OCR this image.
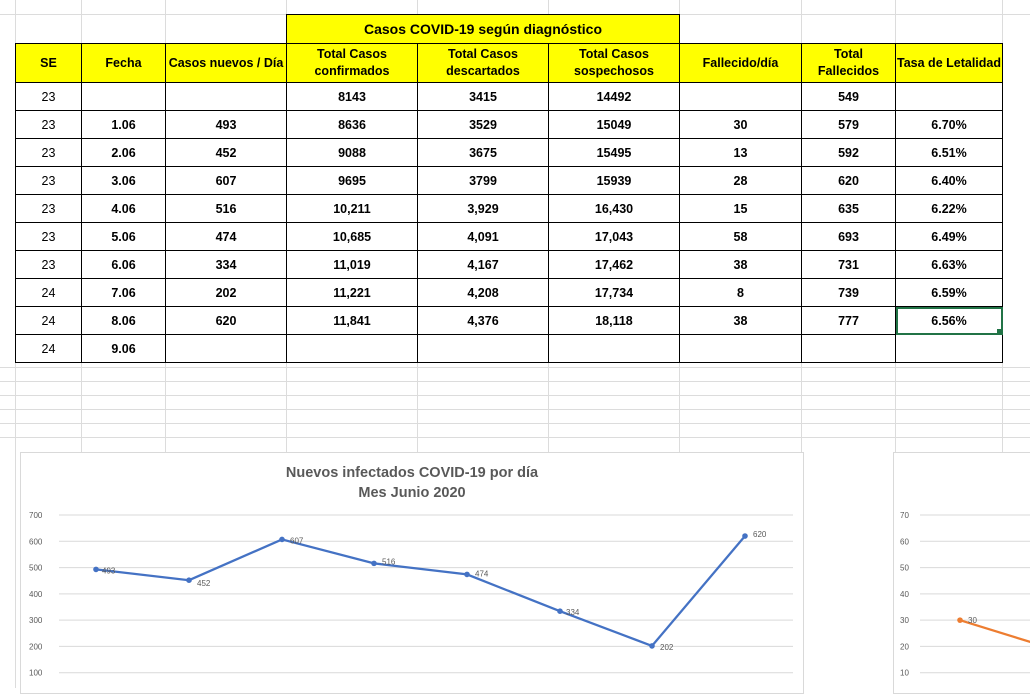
			Casos COVID-19 según diagnóstico					
SE	Fecha	Casos nuevos / Día	Total Casos confirmados	Total Casos descartados	Total Casos sospechosos	Fallecido/día	Total Fallecidos	Tasa de Letalidad
23			8143	3415	14492		549	
23	1.06	493	8636	3529	15049	30	579	6.70%
23	2.06	452	9088	3675	15495	13	592	6.51%
23	3.06	607	9695	3799	15939	28	620	6.40%
23	4.06	516	10,211	3,929	16,430	15	635	6.22%
23	5.06	474	10,685	4,091	17,043	58	693	6.49%
23	6.06	334	11,019	4,167	17,462	38	731	6.63%
24	7.06	202	11,221	4,208	17,734	8	739	6.59%
24	8.06	620	11,841	4,376	18,118	38	777	6.56%

24	9.06							
Nuevos infectados COVID-19 por día
Mes Junio 2020
700
600
500
400
300
200
100
493
452
607
516
474
334
202
620
70
60
50
40
30
20
10
30
